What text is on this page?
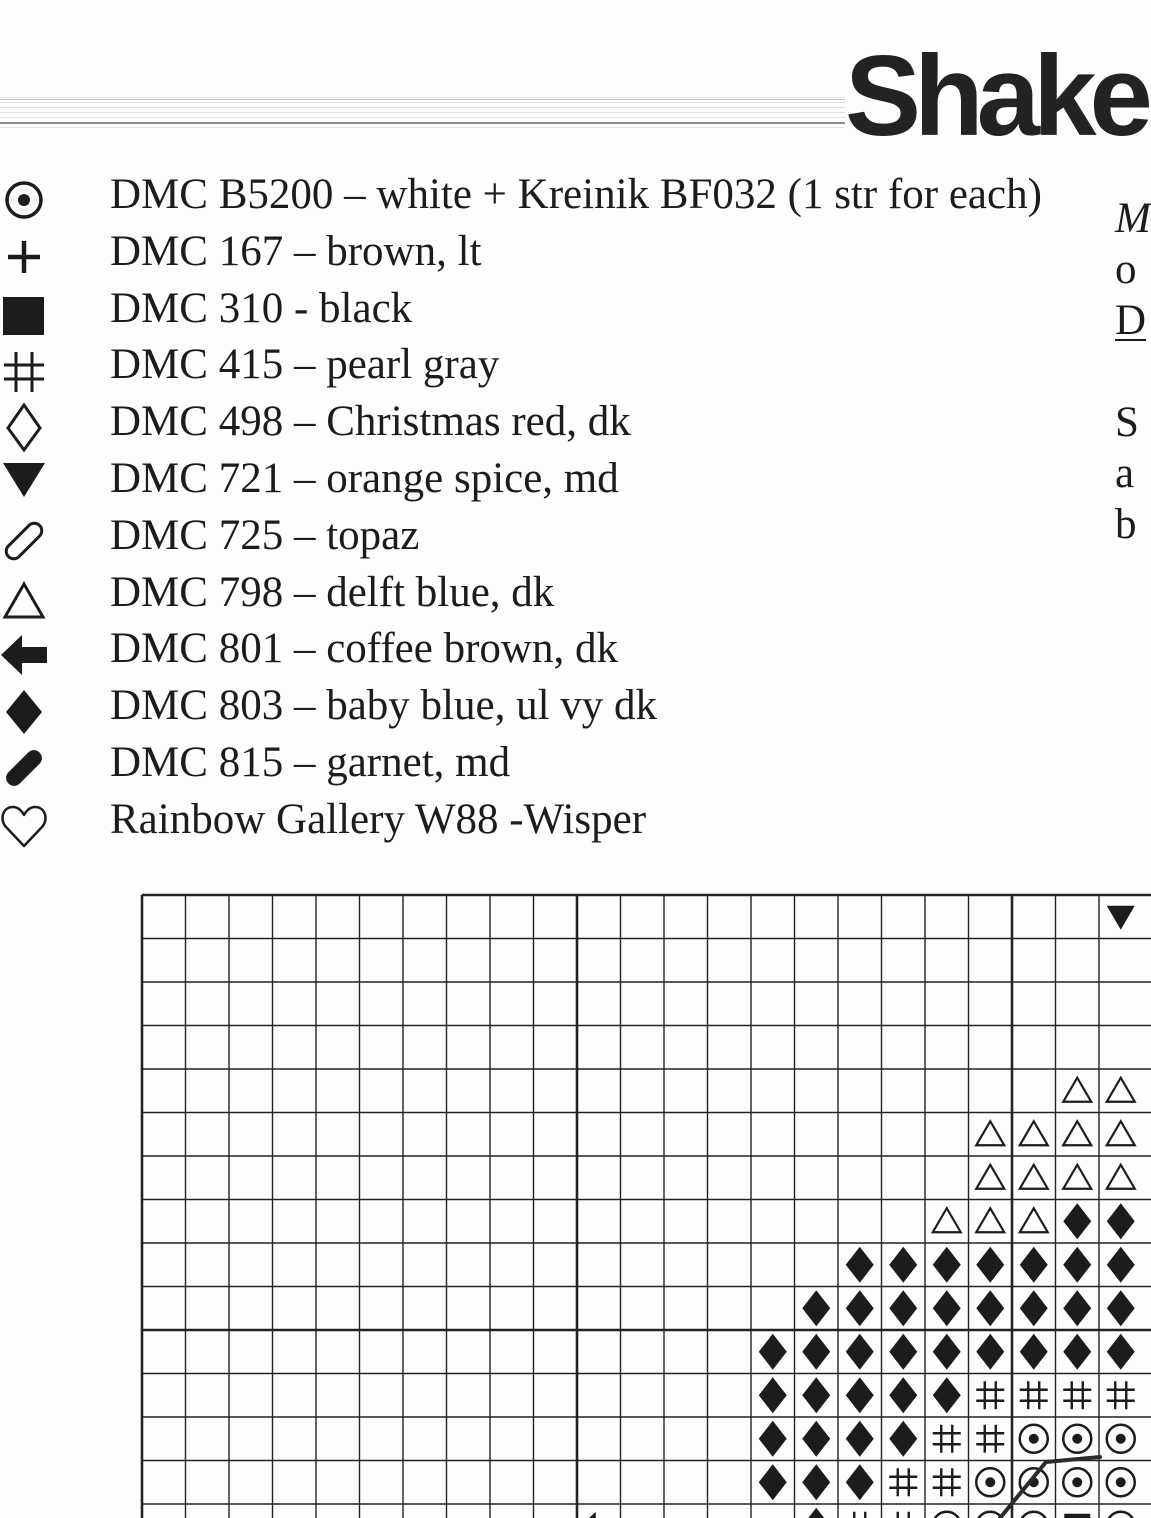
Shake
DMC B5200 – white + Kreinik BF032 (1 str for each)
DMC 167 – brown, lt
DMC 310 - black
DMC 415 – pearl gray
DMC 498 – Christmas red, dk
DMC 721 – orange spice, md
DMC 725 – topaz
DMC 798 – delft blue, dk
DMC 801 – coffee brown, dk
DMC 803 – baby blue, ul vy dk
DMC 815 – garnet, md
Rainbow Gallery W88 -Wisper
M
o
D
S
a
b
